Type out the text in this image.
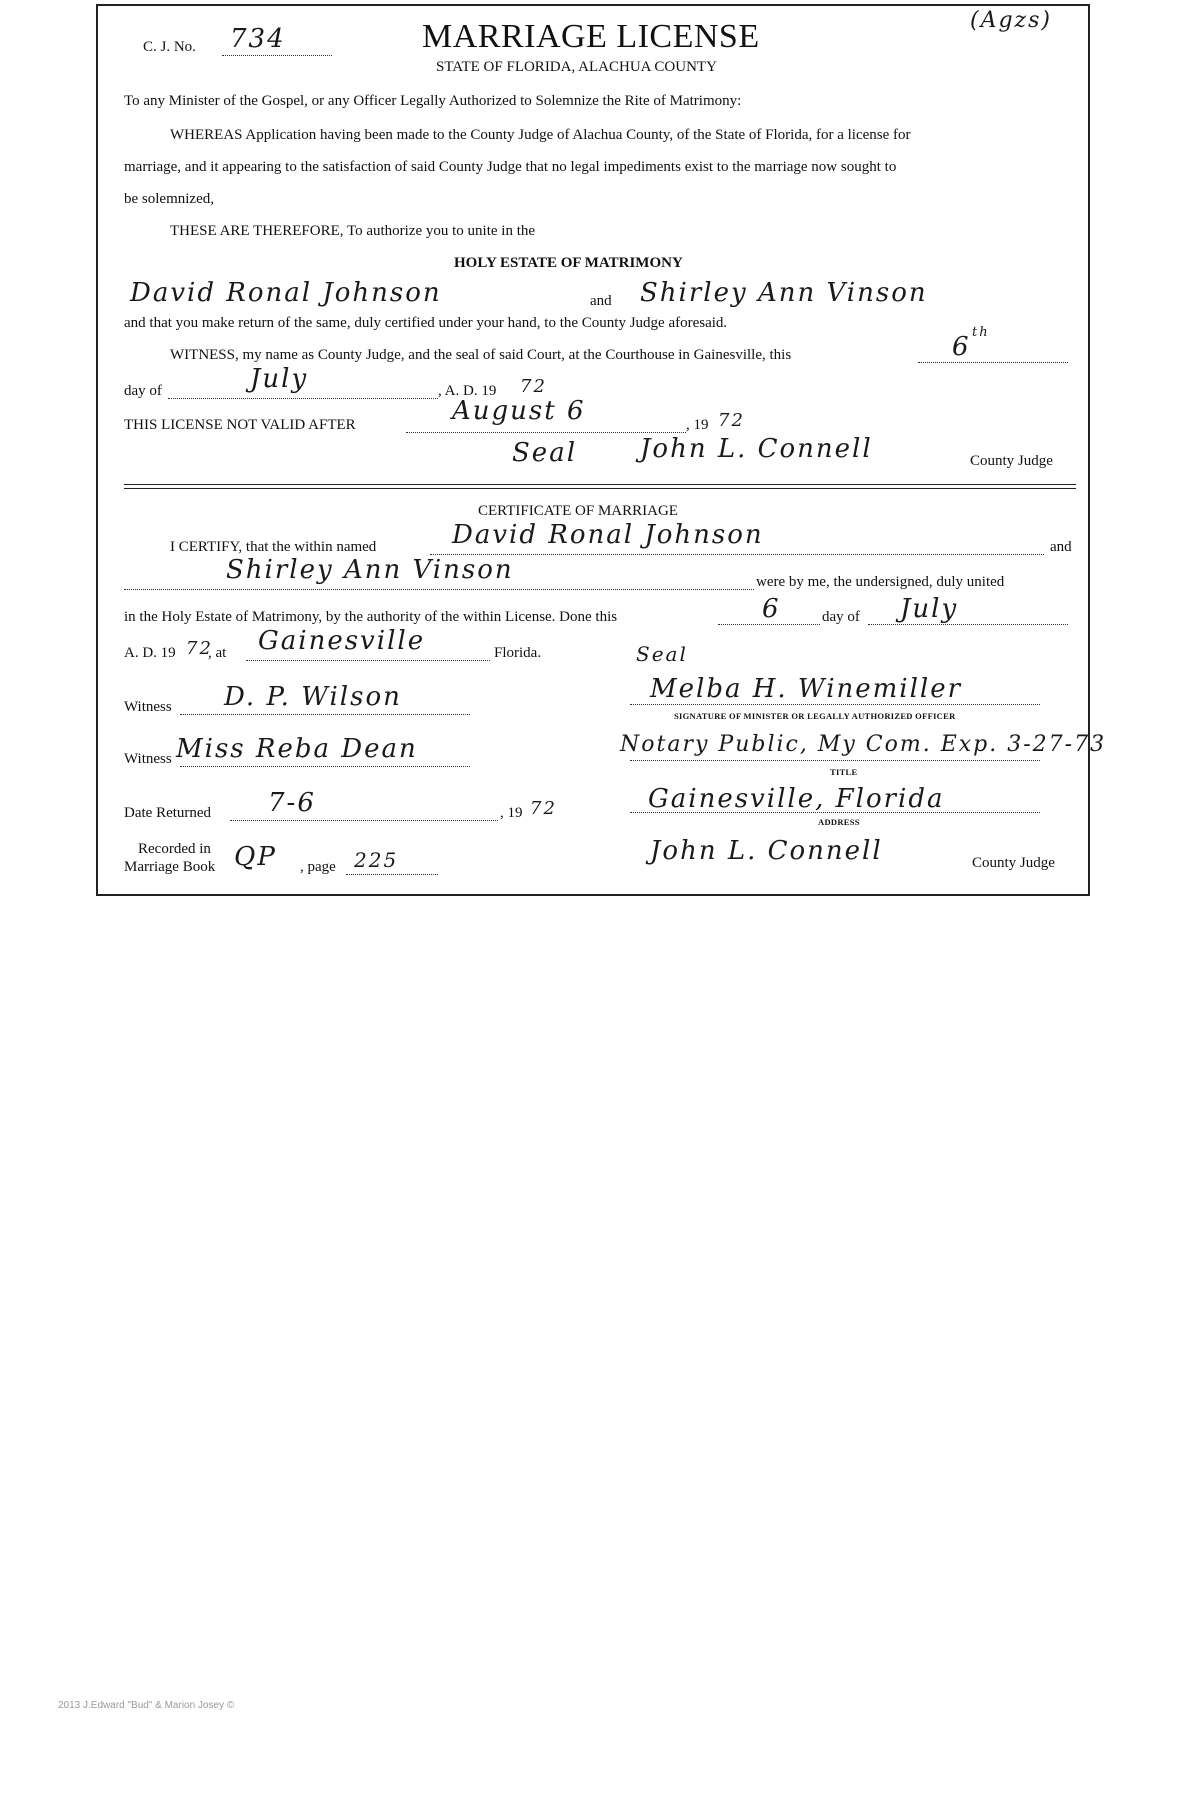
C. J. No. 734	MARRIAGE LICENSE
STATE OF FLORIDA, ALACHUA COUNTY
(Agzs)
To any Minister of the Gospel, or any Officer Legally Authorized to Solemnize the Rite of Matrimony:
WHEREAS Application having been made to the County Judge of Alachua County, of the State of Florida, for a license for
marriage, and it appearing to the satisfaction of said County Judge that no legal impediments exist to the marriage now sought to
be solemnized,
THESE ARE THEREFORE, To authorize you to unite in the
HOLY ESTATE OF MATRIMONY
David Ronal Johnson	and Shirley Ann Vinson
and that you make return of the same, duly certified under your hand, to the County Judge aforesaid.
WITNESS, my name as County Judge, and the seal of said Court, at the Courthouse in Gainesville, this	6 th
day of	July	, A. D. 19 72
THIS LICENSE NOT VALID AFTER	August 6	, 19 72
Seal John L. Connell	County Judge
CERTIFICATE OF MARRIAGE
I CERTIFY, that the within named	David Ronal Johnson	and
Shirley Ann Vinson	were by me, the undersigned, duly united
in the Holy Estate of Matrimony, by the authority of the within License. Done this	6	day of July
A. D. 19 72
, at Gainesville	Florida.	Seal
Witness D. P. Wilson	Melba H. Winemiller
SIGNATURE OF MINISTER OR LEGALLY AUTHORIZED OFFICER
Witness Miss Reba Dean	Notary Public, My Com. Exp. 3-27-73
TITLE
Date Returned 7-6	, 19 72	Gainesville, Florida
ADDRESS
Recorded in
Marriage Book QP , page 225	John L. Connell	County Judge
2013 J.Edward "Bud" & Marion Josey ©
